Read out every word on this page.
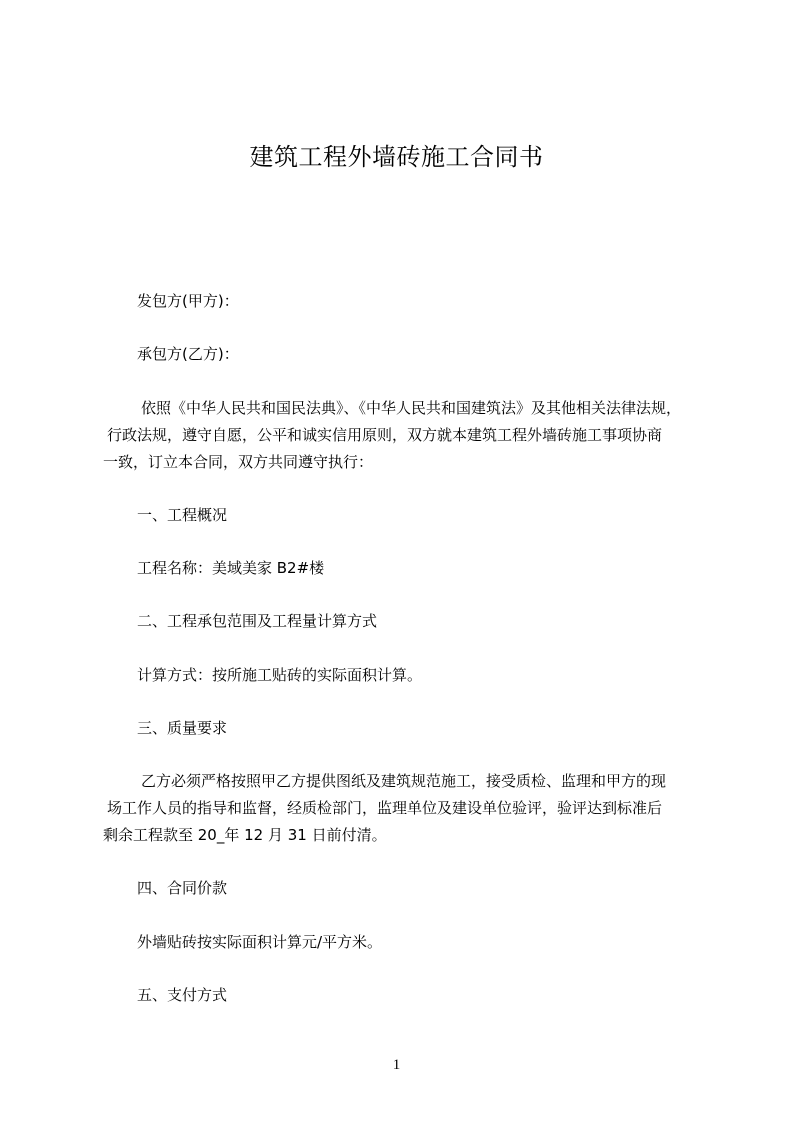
建筑工程外墙砖施工合同书
发包方(甲方)：
承包方(乙方)：
依照《中华人民共和国民法典》、《中华人民共和国建筑法》及其他相关法律法规，
行政法规，遵守自愿，公平和诚实信用原则，双方就本建筑工程外墙砖施工事项协商
一致，订立本合同，双方共同遵守执行：
一、工程概况
工程名称：美域美家 B2#楼
二、工程承包范围及工程量计算方式
计算方式：按所施工贴砖的实际面积计算。
三、质量要求
乙方必须严格按照甲乙方提供图纸及建筑规范施工，接受质检、监理和甲方的现
场工作人员的指导和监督，经质检部门，监理单位及建设单位验评，验评达到标准后
剩余工程款至 20_年 12 月 31 日前付清。
四、合同价款
外墙贴砖按实际面积计算元/平方米。
五、支付方式
1
